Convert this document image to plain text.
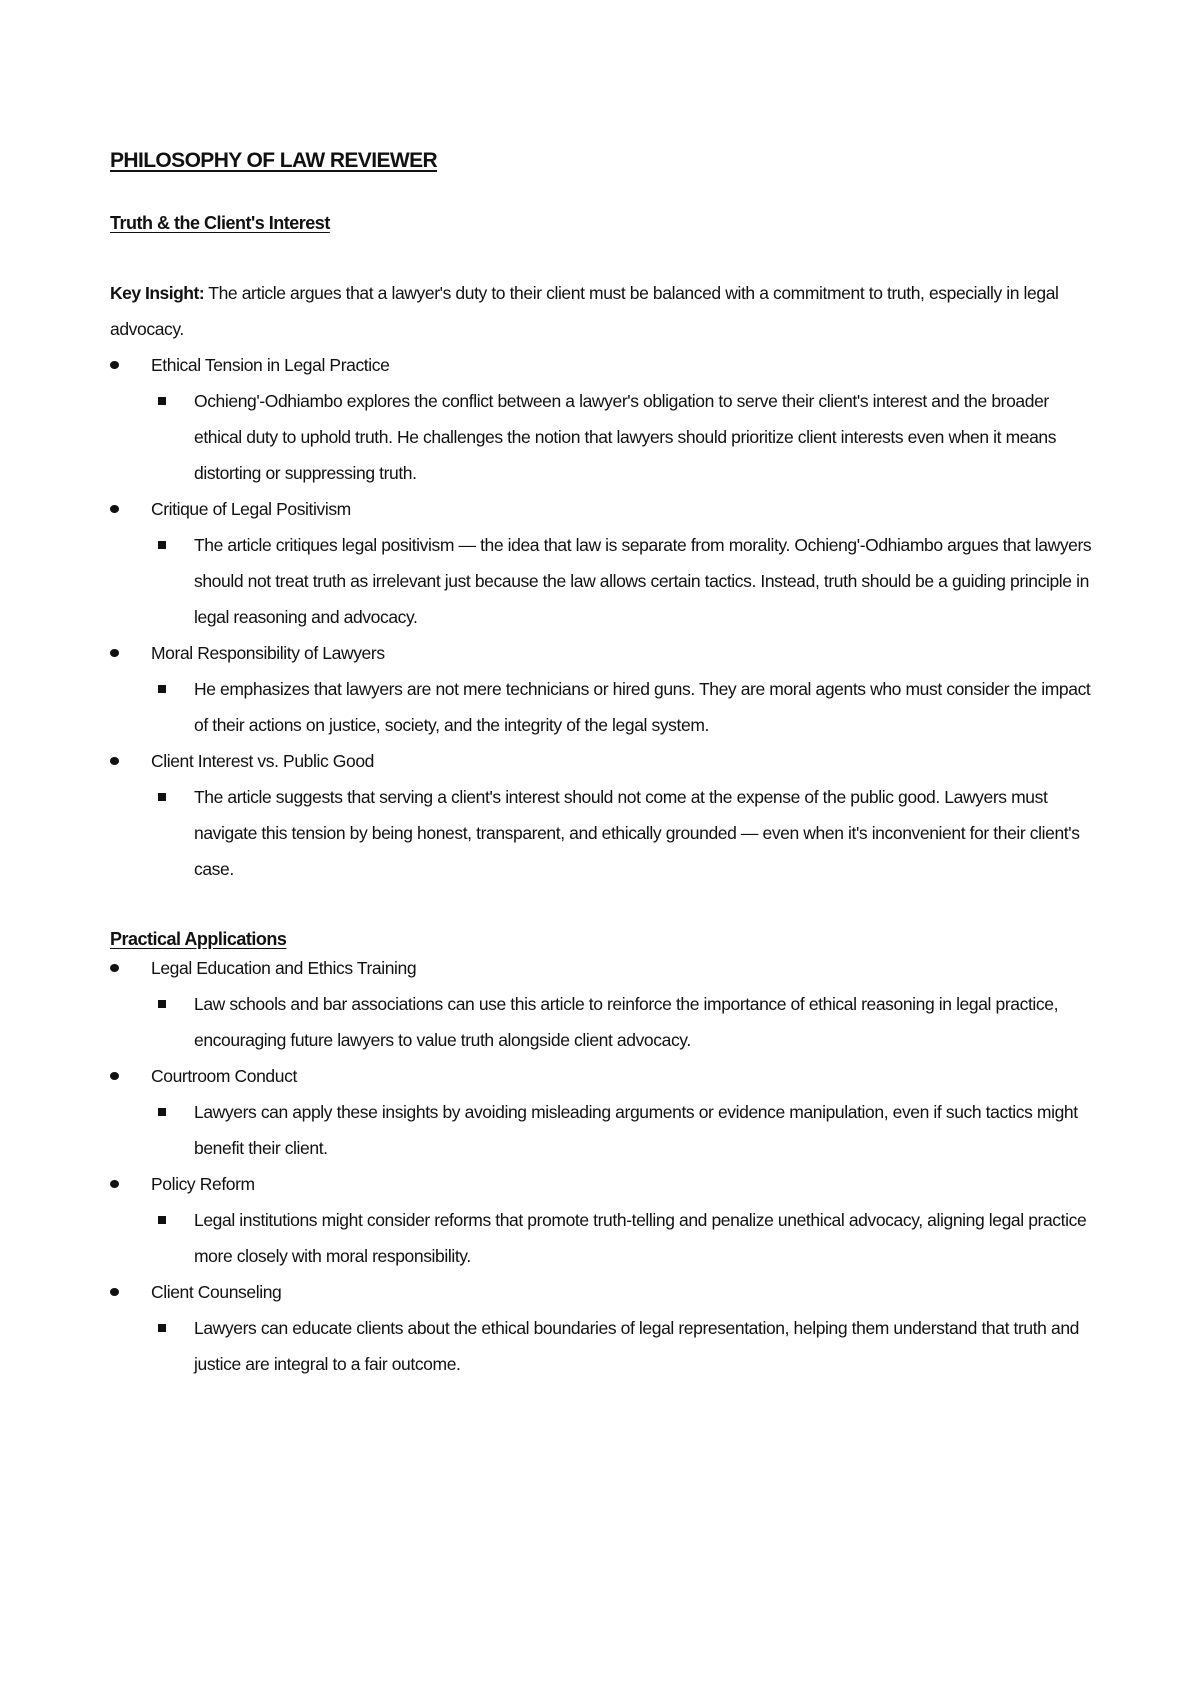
PHILOSOPHY OF LAW REVIEWER
Truth & the Client's Interest

Key Insight: The article argues that a lawyer's duty to their client must be balanced with a commitment to truth, especially in legal advocacy.

Ethical Tension in Legal Practice
Ochieng'-Odhiambo explores the conflict between a lawyer's obligation to serve their client's interest and the broader ethical duty to uphold truth. He challenges the notion that lawyers should prioritize client interests even when it means distorting or suppressing truth.
Critique of Legal Positivism
The article critiques legal positivism — the idea that law is separate from morality. Ochieng'-Odhiambo argues that lawyers should not treat truth as irrelevant just because the law allows certain tactics. Instead, truth should be a guiding principle in legal reasoning and advocacy.
Moral Responsibility of Lawyers
He emphasizes that lawyers are not mere technicians or hired guns. They are moral agents who must consider the impact of their actions on justice, society, and the integrity of the legal system.
Client Interest vs. Public Good
The article suggests that serving a client's interest should not come at the expense of the public good. Lawyers must navigate this tension by being honest, transparent, and ethically grounded — even when it's inconvenient for their client's case.
Practical Applications
Legal Education and Ethics Training
Law schools and bar associations can use this article to reinforce the importance of ethical reasoning in legal practice, encouraging future lawyers to value truth alongside client advocacy.
Courtroom Conduct
Lawyers can apply these insights by avoiding misleading arguments or evidence manipulation, even if such tactics might benefit their client.
Policy Reform
Legal institutions might consider reforms that promote truth-telling and penalize unethical advocacy, aligning legal practice more closely with moral responsibility.
Client Counseling
Lawyers can educate clients about the ethical boundaries of legal representation, helping them understand that truth and justice are integral to a fair outcome.
